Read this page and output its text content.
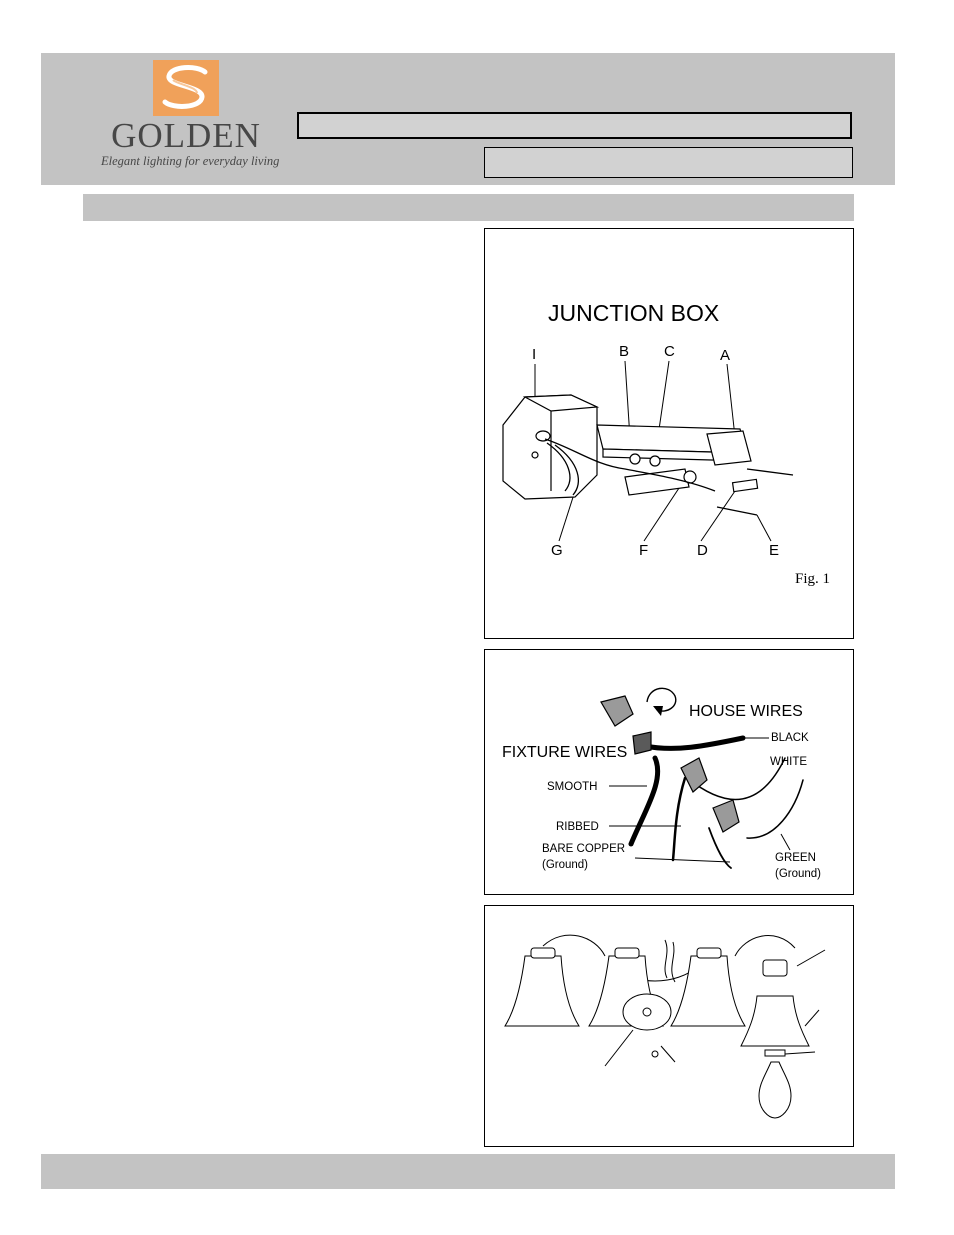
GOLDEN
Elegant lighting for everyday living
JUNCTION BOX
I	B C	A
G	F	D	E
Fig. 1
HOUSE WIRES
FIXTURE WIRES
BLACK
WHITE
SMOOTH
RIBBED
BARE COPPER
(Ground)
GREEN
(Ground)
